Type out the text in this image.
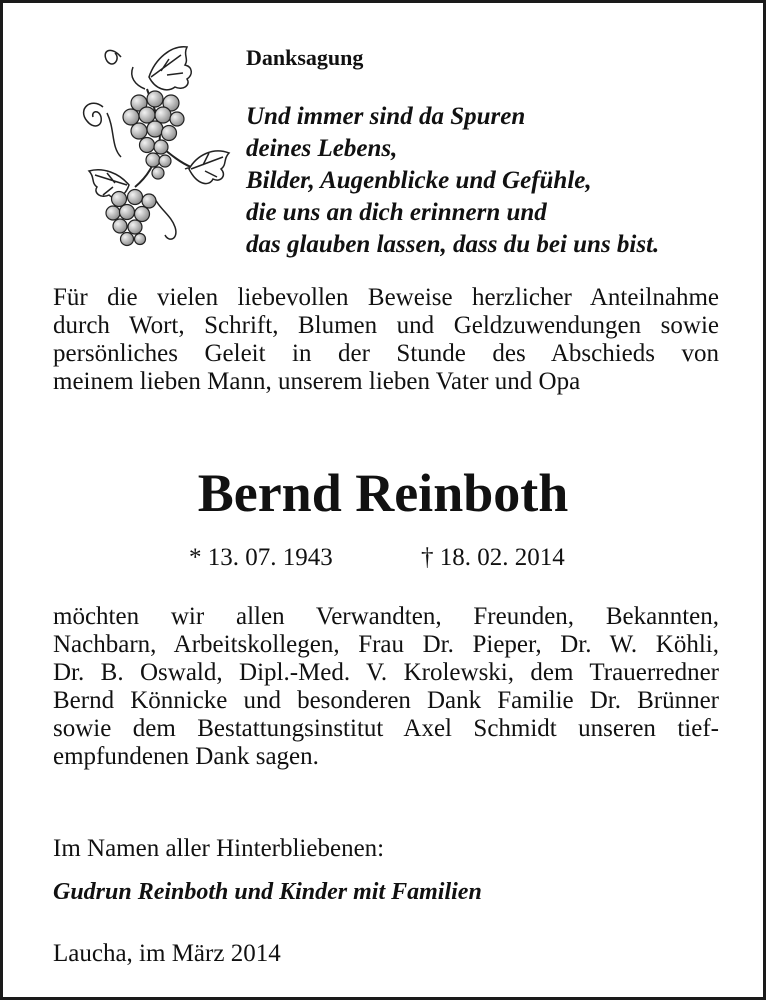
Danksagung
Und immer sind da Spuren
deines Lebens,
Bilder, Augenblicke und Gefühle,
die uns an dich erinnern und
das glauben lassen, dass du bei uns bist.
Für die vielen liebevollen Beweise herzlicher Anteilnahme
durch Wort, Schrift, Blumen und Geldzuwendungen sowie
persönliches Geleit in der Stunde des Abschieds von
meinem lieben Mann, unserem lieben Vater und Opa
Bernd Reinboth
* 13. 07. 1943	† 18. 02. 2014
möchten wir allen Verwandten, Freunden, Bekannten,
Nachbarn, Arbeitskollegen, Frau Dr. Pieper, Dr. W. Köhli,
Dr. B. Oswald, Dipl.-Med. V. Krolewski, dem Trauerredner
Bernd Könnicke und besonderen Dank Familie Dr. Brünner
sowie dem Bestattungsinstitut Axel Schmidt unseren tief-
empfundenen Dank sagen.
Im Namen aller Hinterbliebenen:
Gudrun Reinboth und Kinder mit Familien
Laucha, im März 2014
